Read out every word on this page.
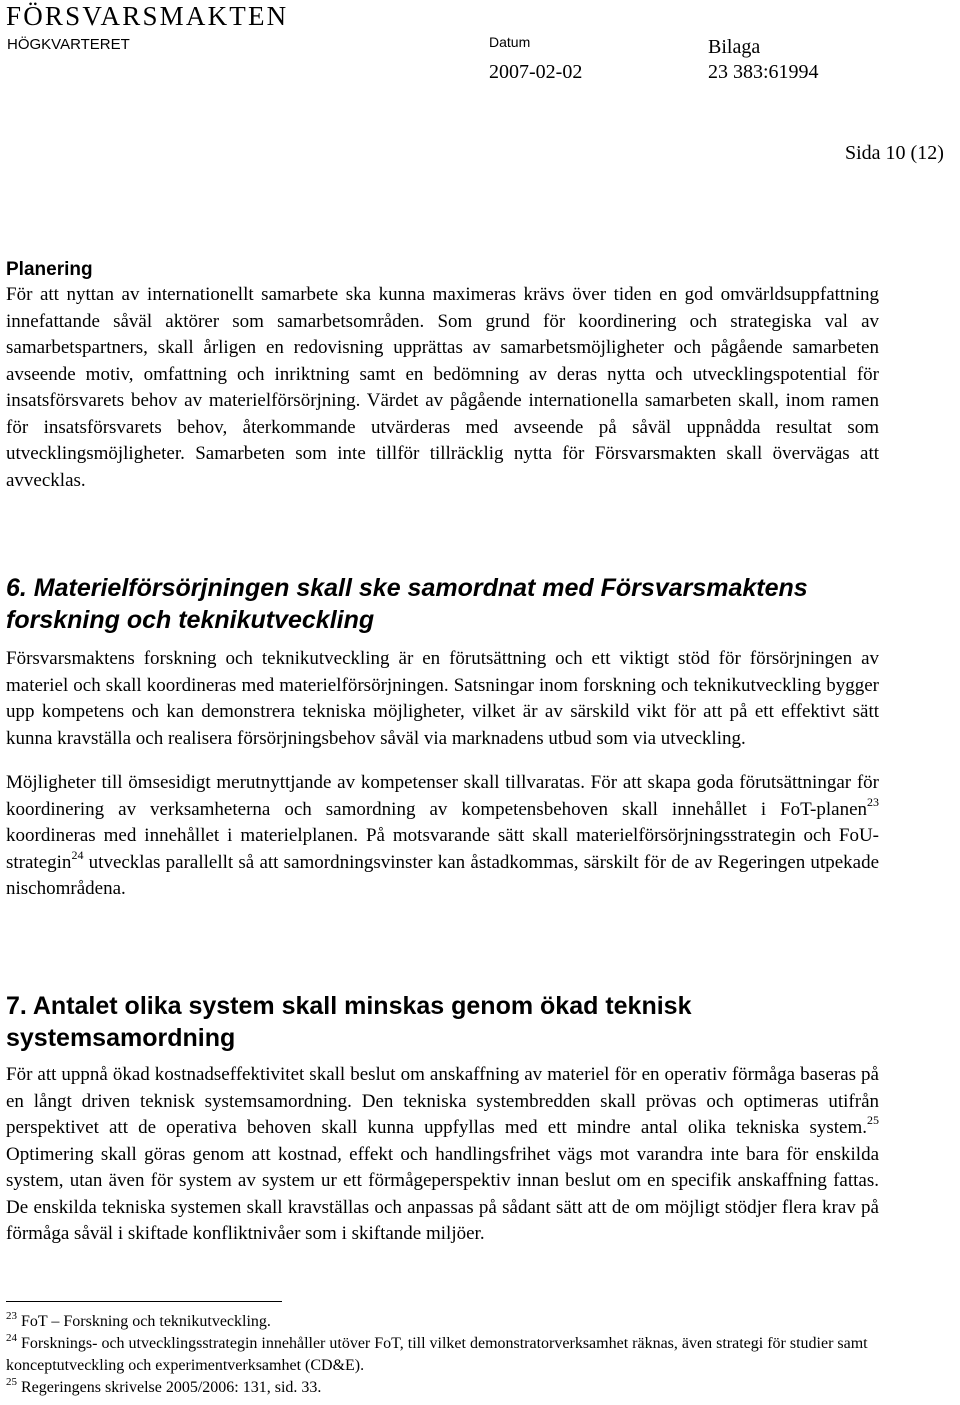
FÖRSVARSMAKTEN
HÖGKVARTERET	Datum
2007-02-02
Bilaga
23 383:61994
Sida 10 (12)
Planering

För att nyttan av internationellt samarbete ska kunna maximeras krävs över tiden en god omvärldsuppfattning innefattande såväl aktörer som samarbetsområden. Som grund för koordinering och strategiska val av samarbetspartners, skall årligen en redovisning upprättas av samarbetsmöjligheter och pågående samarbeten avseende motiv, omfattning och inriktning samt en bedömning av deras nytta och utvecklingspotential för insatsförsvarets behov av materielförsörjning. Värdet av pågående internationella samarbeten skall, inom ramen för insatsförsvarets behov, återkommande utvärderas med avseende på såväl uppnådda resultat som utvecklingsmöjligheter. Samarbeten som inte tillför tillräcklig nytta för Försvarsmakten skall övervägas att avvecklas.

6. Materielförsörjningen skall ske samordnat med Försvarsmaktens forskning och teknikutveckling

Försvarsmaktens forskning och teknikutveckling är en förutsättning och ett viktigt stöd för försörjningen av materiel och skall koordineras med materielförsörjningen. Satsningar inom forskning och teknikutveckling bygger upp kompetens och kan demonstrera tekniska möjligheter, vilket är av särskild vikt för att på ett effektivt sätt kunna kravställa och realisera försörjningsbehov såväl via marknadens utbud som via utveckling.

Möjligheter till ömsesidigt merutnyttjande av kompetenser skall tillvaratas. För att skapa goda förutsättningar för koordinering av verksamheterna och samordning av kompetensbehoven skall innehållet i FoT-planen$^{23}$ koordineras med innehållet i materielplanen. På motsvarande sätt skall materielförsörjningsstrategin och FoU-strategin$^{24}$ utvecklas parallellt så att samordningsvinster kan åstadkommas, särskilt för de av Regeringen utpekade nischområdena.

7. Antalet olika system skall minskas genom ökad teknisk systemsamordning

För att uppnå ökad kostnadseffektivitet skall beslut om anskaffning av materiel för en operativ förmåga baseras på en långt driven teknisk systemsamordning. Den tekniska systembredden skall prövas och optimeras utifrån perspektivet att de operativa behoven skall kunna uppfyllas med ett mindre antal olika tekniska system.$^{25}$ Optimering skall göras genom att kostnad, effekt och handlingsfrihet vägs mot varandra inte bara för enskilda system, utan även för system av system ur ett förmågeperspektiv innan beslut om en specifik anskaffning fattas. De enskilda tekniska systemen skall kravställas och anpassas på sådant sätt att de om möjligt stödjer flera krav på förmåga såväl i skiftade konfliktnivåer som i skiftande miljöer.

$^{23}$ FoT – Forskning och teknikutveckling.

$^{24}$ Forsknings- och utvecklingsstrategin innehåller utöver FoT, till vilket demonstratorverksamhet räknas, även strategi för studier samt konceptutveckling och experimentverksamhet (CD&E).

$^{25}$ Regeringens skrivelse 2005/2006: 131, sid. 33.
